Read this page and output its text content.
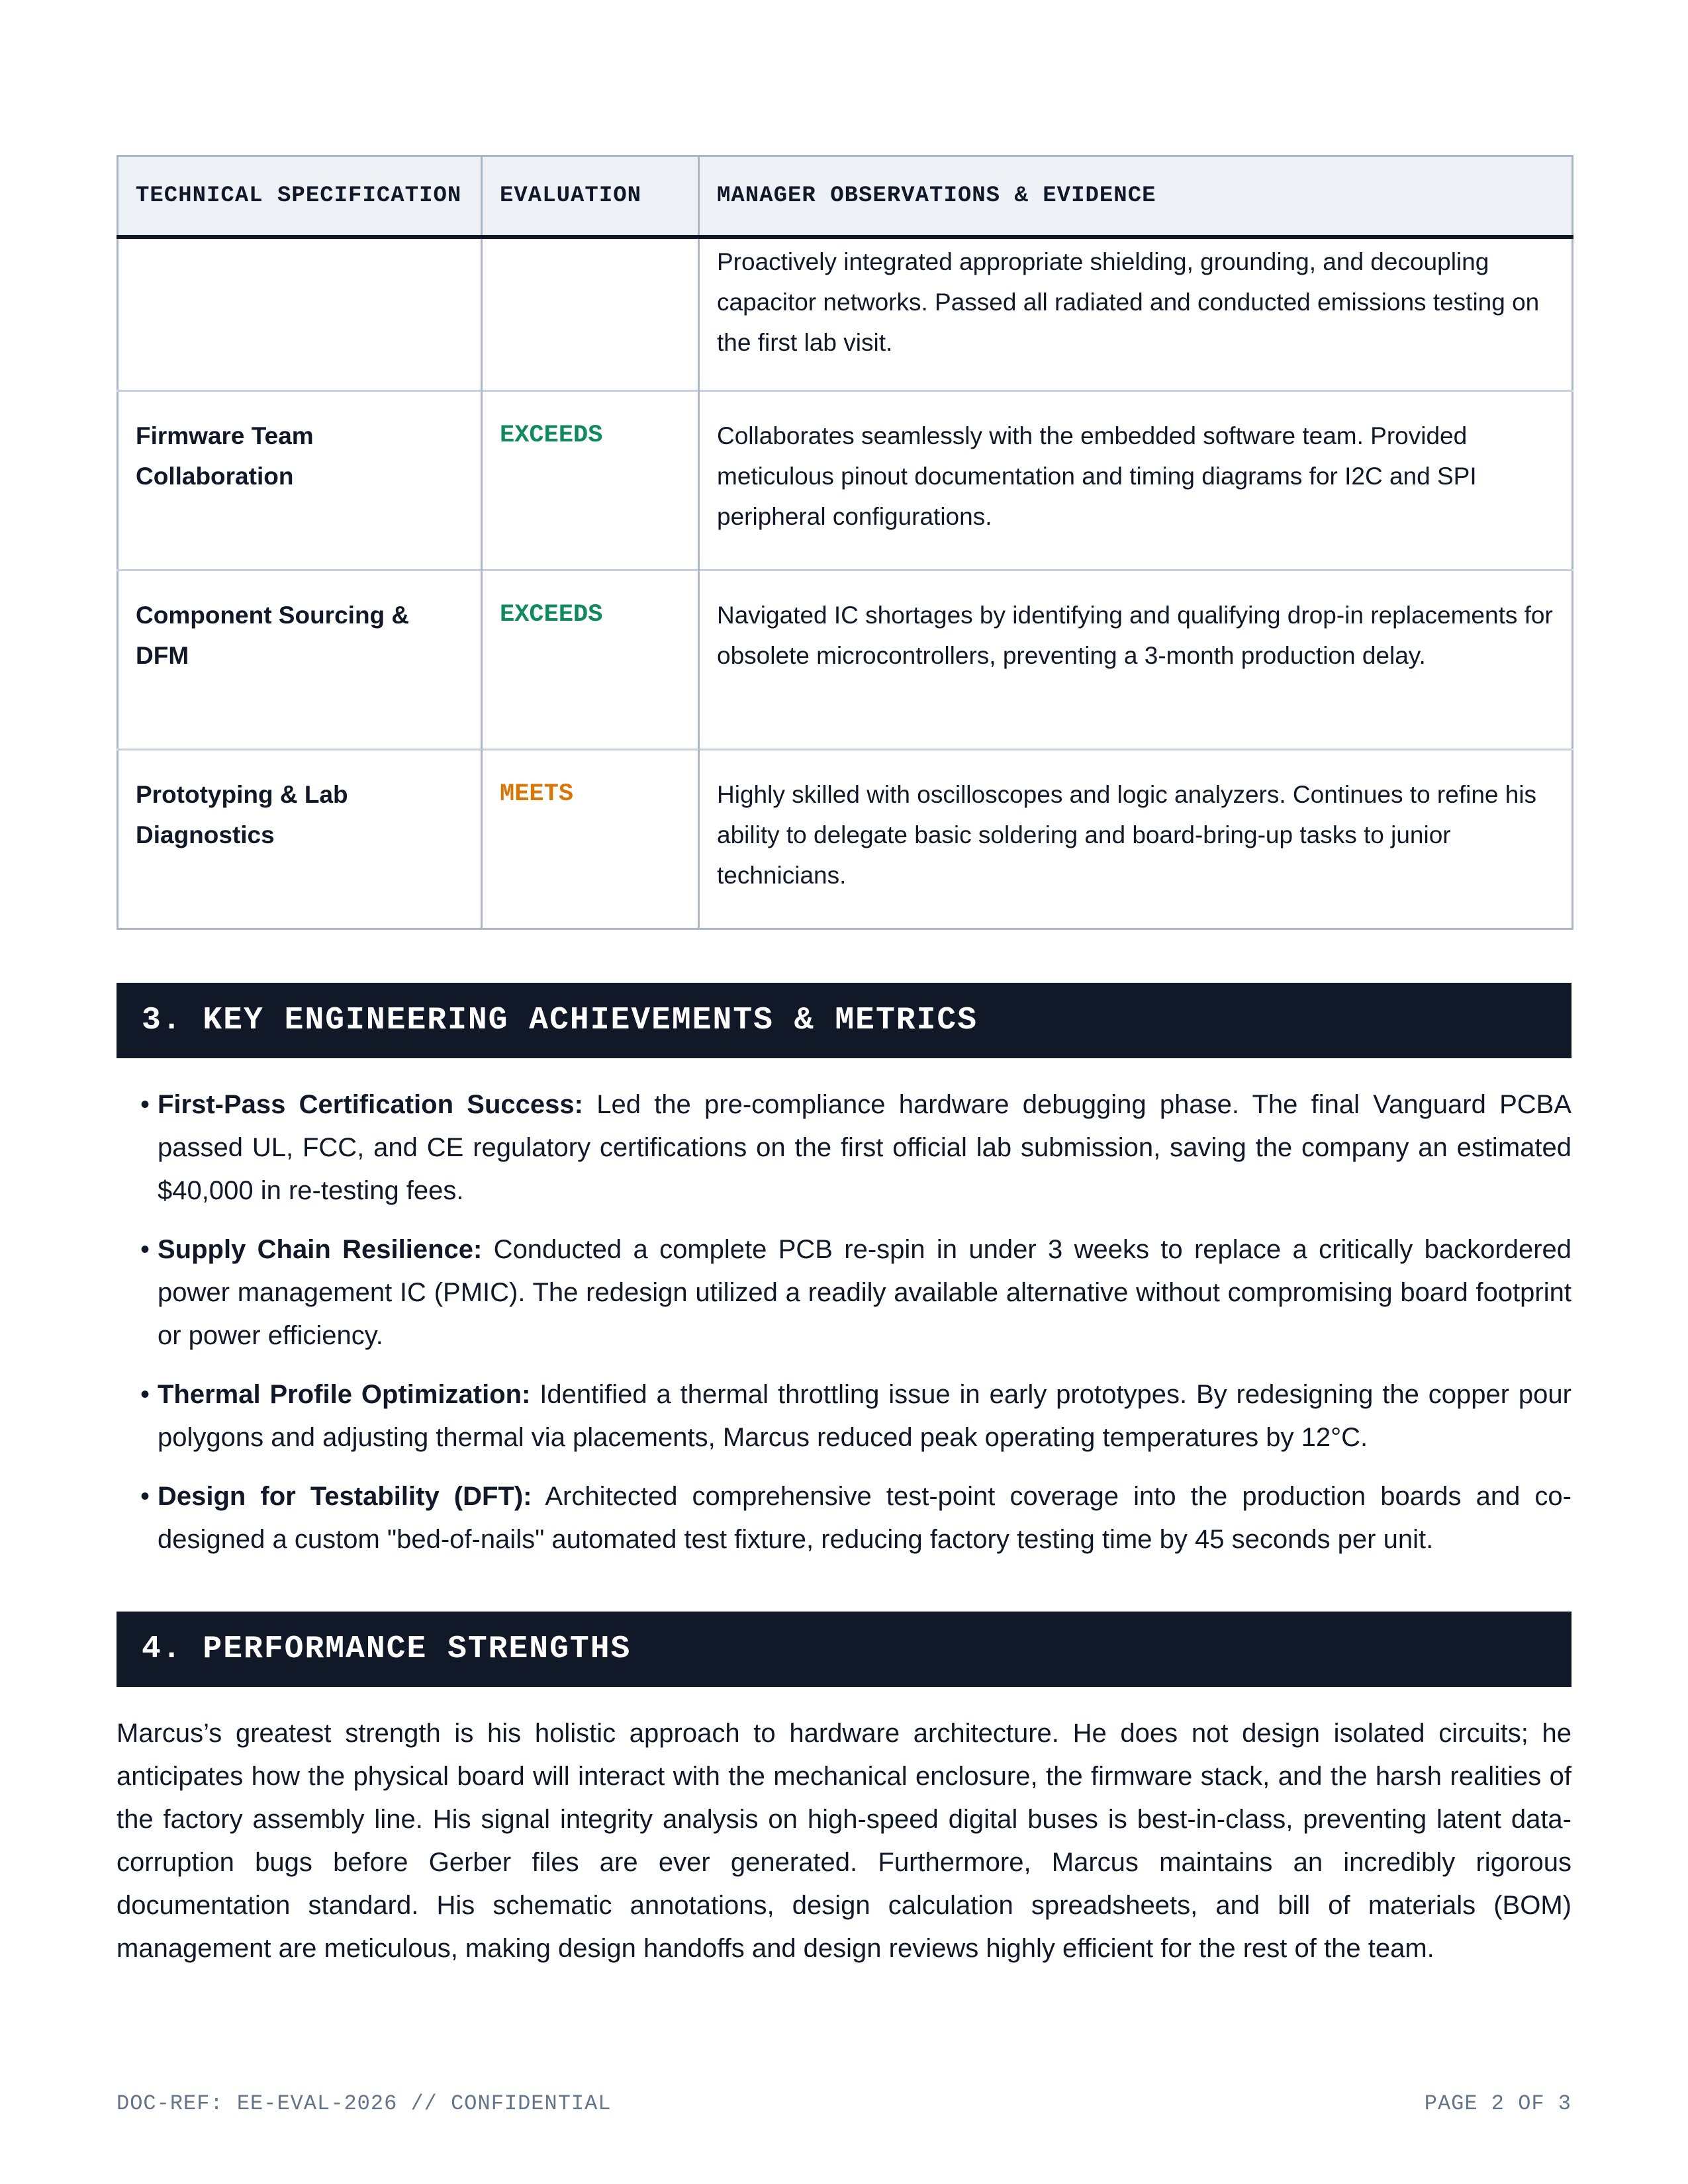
TECHNICAL SPECIFICATION	EVALUATION	MANAGER OBSERVATIONS & EVIDENCE
		Proactively integrated appropriate shielding, grounding, and decoupling capacitor networks. Passed all radiated and conducted emissions testing on the first lab visit.
Firmware Team Collaboration	EXCEEDS	Collaborates seamlessly with the embedded software team. Provided meticulous pinout documentation and timing diagrams for I2C and SPI peripheral configurations.
Component Sourcing & DFM	EXCEEDS	Navigated IC shortages by identifying and qualifying drop-in replacements for obsolete microcontrollers, preventing a 3-month production delay.
Prototyping & Lab Diagnostics	MEETS	Highly skilled with oscilloscopes and logic analyzers. Continues to refine his ability to delegate basic soldering and board-bring-up tasks to junior technicians.
3. KEY ENGINEERING ACHIEVEMENTS & METRICS
• First-Pass Certification Success: Led the pre-compliance hardware debugging phase. The final Vanguard PCBA passed UL, FCC, and CE regulatory certifications on the first official lab submission, saving the company an estimated $40,000 in re-testing fees.
• Supply Chain Resilience: Conducted a complete PCB re-spin in under 3 weeks to replace a critically backordered power management IC (PMIC). The redesign utilized a readily available alternative without compromising board footprint or power efficiency.
• Thermal Profile Optimization: Identified a thermal throttling issue in early prototypes. By redesigning the copper pour polygons and adjusting thermal via placements, Marcus reduced peak operating temperatures by 12°C.
• Design for Testability (DFT): Architected comprehensive test-point coverage into the production boards and co-designed a custom "bed-of-nails" automated test fixture, reducing factory testing time by 45 seconds per unit.
4. PERFORMANCE STRENGTHS

Marcus’s greatest strength is his holistic approach to hardware architecture. He does not design isolated circuits; he anticipates how the physical board will interact with the mechanical enclosure, the firmware stack, and the harsh realities of the factory assembly line. His signal integrity analysis on high-speed digital buses is best-in-class, preventing latent data-corruption bugs before Gerber files are ever generated. Furthermore, Marcus maintains an incredibly rigorous documentation standard. His schematic annotations, design calculation spreadsheets, and bill of materials (BOM) management are meticulous, making design handoffs and design reviews highly efficient for the rest of the team.

DOC-REF: EE-EVAL-2026 // CONFIDENTIAL	PAGE 2 OF 3
